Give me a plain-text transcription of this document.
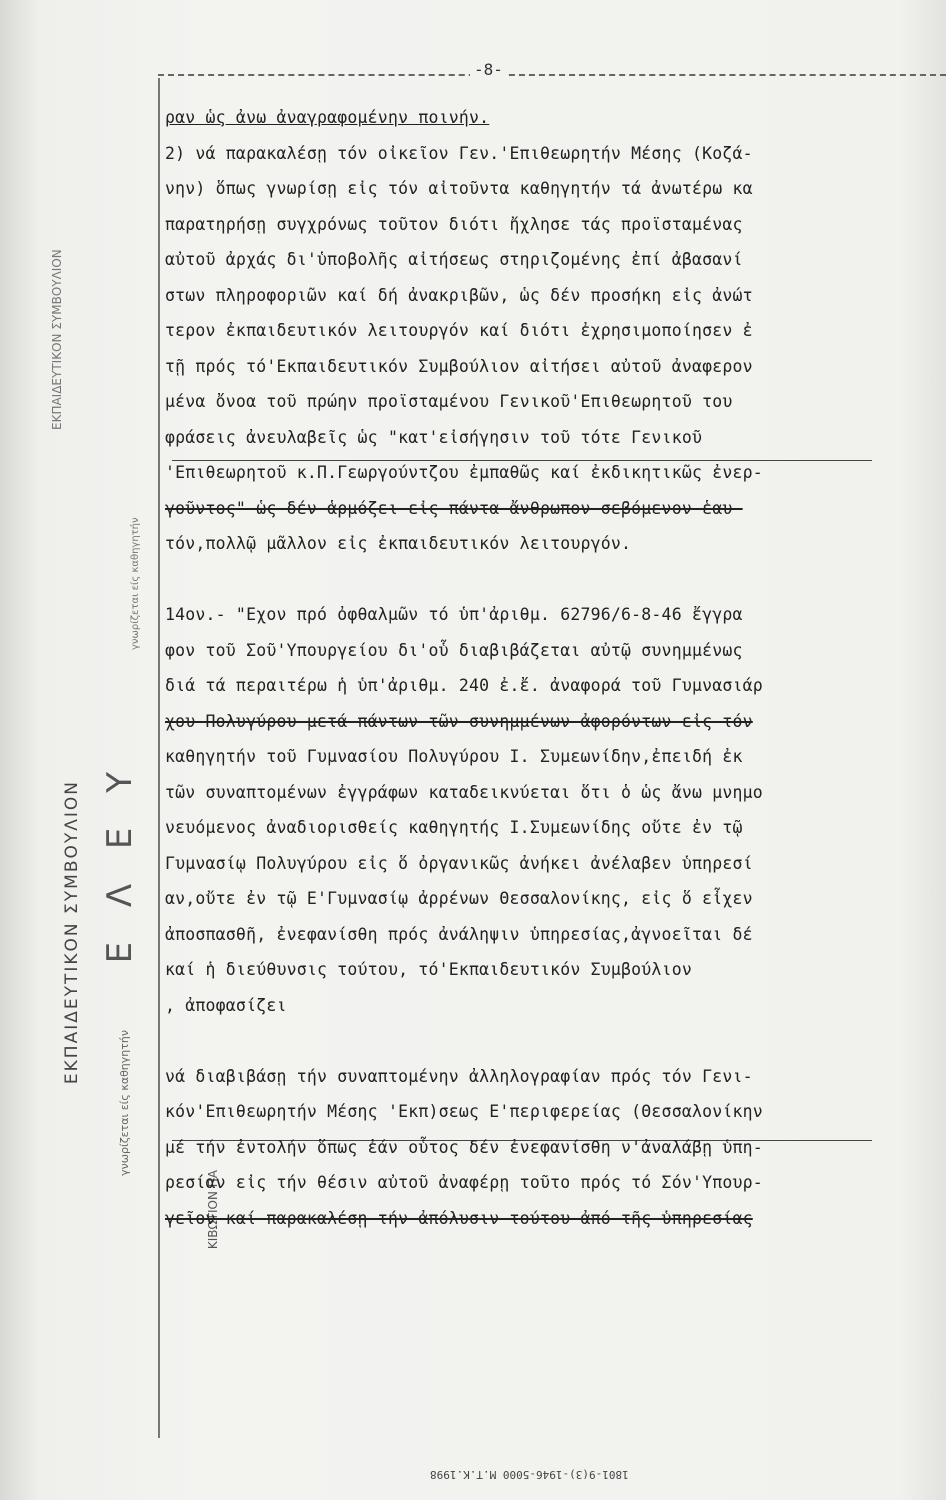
ΕΚΠΑΙΔΕΥΤΙΚΟΝ ΣΥΜΒΟΥΛΙΟΝ
γνωρίζεται είς καθηγητήν
Ε Λ Ε Υ
ΕΚΠΑΙΔΕΥΤΙΚΟΝ ΣΥΜΒΟΥΛΙΟΝ
γνωρίζεται είς καθηγητήν
ΚΙΒΩΤΙΟΝ ΠΑ
-8-
ραν ὡς ἀνω ἀναγραφομένην ποινήν.
2) νά παρακαλέσῃ τόν οἰκεῖον Γεν.'Επιθεωρητήν Μέσης (Κοζά-
νην) ὅπως γνωρίσῃ εἰς τόν αἰτοῦντα καθηγητήν τά ἀνωτέρω κα
παρατηρήσῃ συγχρόνως τοῦτον διότι ἤχλησε τάς προϊσταμένας
αὐτοῦ ἀρχάς δι'ὑποβολῆς αἰτήσεως στηριζομένης ἐπί ἀβασανί
στων πληροφοριῶν καί δή ἀνακριβῶν, ὡς δέν προσήκη εἰς ἀνώτ
τερον ἐκπαιδευτικόν λειτουργόν καί διότι ἐχρησιμοποίησεν ἐ
τῇ πρός τό'Εκπαιδευτικόν Συμβούλιον αἰτήσει αὐτοῦ ἀναφερον
μένα ὄνοα τοῦ πρώην προϊσταμένου Γενικοῦ'Επιθεωρητοῦ του
φράσεις ἀνευλαβεῖς ὡς "κατ'εἰσήγησιν τοῦ τότε Γενικοῦ
'Επιθεωρητοῦ κ.Π.Γεωργούντζου ἐμπαθῶς καί ἐκδικητικῶς ἐνερ-
γοῦντος" ὡς δέν ἁρμόζει εἰς πάντα ἄνθρωπον σεβόμενον ἑαυ-
τόν,πολλῷ μᾶλλον εἰς ἐκπαιδευτικόν λειτουργόν.
14ον.- "Εχον πρό ὀφθαλμῶν τό ὑπ'ἀριθμ. 62796/6-8-46 ἔγγρα
φον τοῦ Σοῦ'Υπουργείου δι'οὗ διαβιβάζεται αὐτῷ συνημμένως
διά τά περαιτέρω ἡ ὑπ'ἀριθμ. 240 ἐ.ἔ. ἀναφορά τοῦ Γυμνασιάρ
χου Πολυγύρου μετά πάντων τῶν συνημμένων ἀφορόντων εἰς τόν
καθηγητήν τοῦ Γυμνασίου Πολυγύρου Ι. Συμεωνίδην,ἐπειδή ἐκ
τῶν συναπτομένων ἐγγράφων καταδεικνύεται ὅτι ὁ ὡς ἄνω μνημο
νευόμενος ἀναδιορισθείς καθηγητής Ι.Συμεωνίδης οὔτε ἐν τῷ
Γυμνασίῳ Πολυγύρου εἰς ὅ ὀργανικῶς ἀνήκει ἀνέλαβεν ὑπηρεσί
αν,οὔτε ἐν τῷ Ε'Γυμνασίῳ ἀρρένων Θεσσαλονίκης, εἰς ὅ εἶχεν
ἀποσπασθῆ, ἐνεφανίσθη πρός ἀνάληψιν ὑπηρεσίας,ἀγνοεῖται δέ
καί ἡ διεύθυνσις τούτου, τό'Εκπαιδευτικόν Συμβούλιον
, ἀποφασίζει
νά διαβιβάσῃ τήν συναπτομένην ἀλληλογραφίαν πρός τόν Γενι-
κόν'Επιθεωρητήν Μέσης 'Εκπ)σεως Ε'περιφερείας (Θεσσαλονίκην
μέ τήν ἐντολήν ὅπως ἐάν οὗτος δέν ἐνεφανίσθη ν'ἀναλάβῃ ὑπη-
ρεσίαν εἰς τήν θέσιν αὐτοῦ ἀναφέρῃ τοῦτο πρός τό Σόν'Υπουρ-
γεῖον καί παρακαλέσῃ τήν ἀπόλυσιν τούτου ἀπό τῆς ὑπηρεσίας
1801-9(3)-1946-5000 Μ.Τ.Κ.1998
